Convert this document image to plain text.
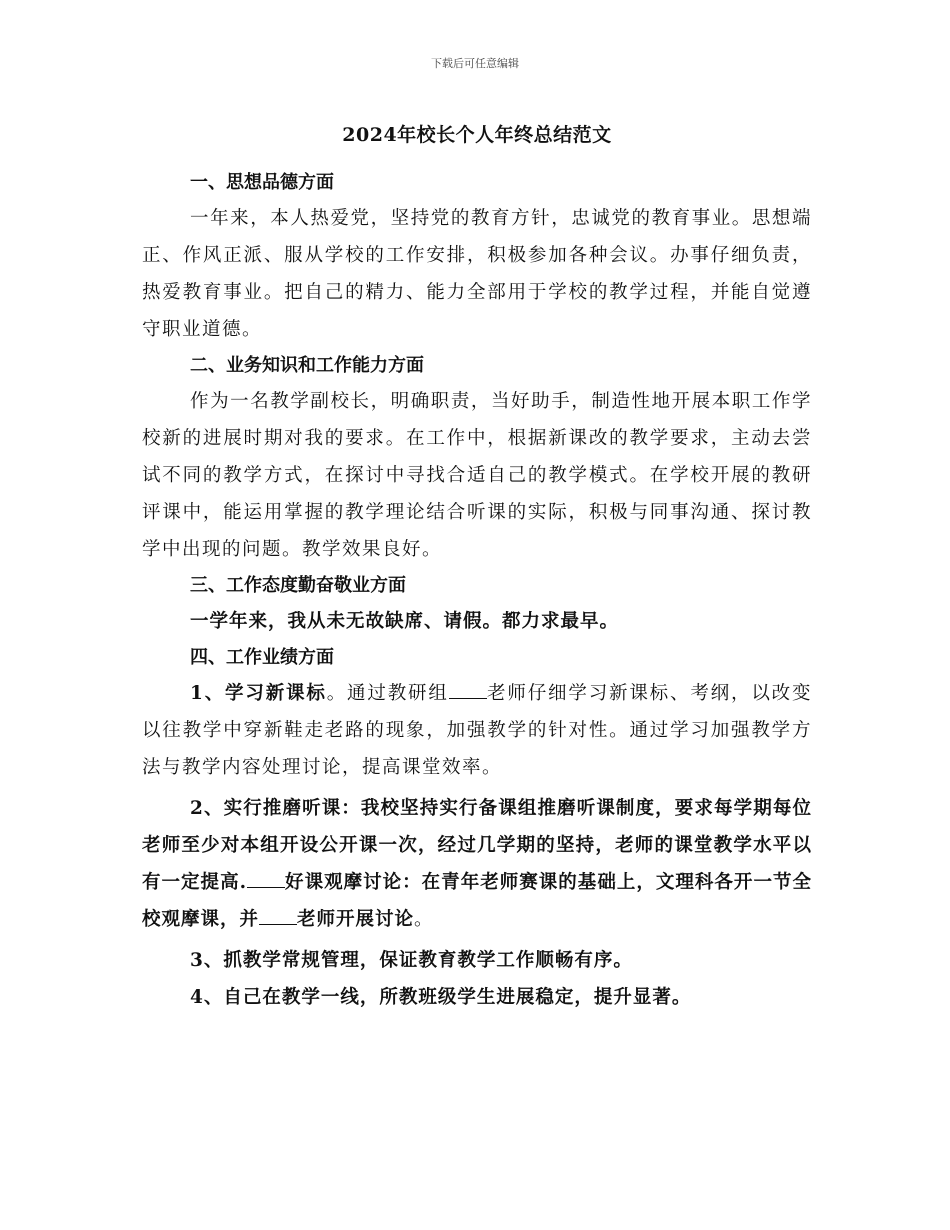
下载后可任意编辑
2024年校长个人年终总结范文

一、思想品德方面

一年来，本人热爱党，坚持党的教育方针，忠诚党的教育事业。思想端正、作风正派、服从学校的工作安排，积极参加各种会议。办事仔细负责，热爱教育事业。把自己的精力、能力全部用于学校的教学过程，并能自觉遵守职业道德。

二、业务知识和工作能力方面

作为一名教学副校长，明确职责，当好助手，制造性地开展本职工作学校新的进展时期对我的要求。在工作中，根据新课改的教学要求，主动去尝试不同的教学方式，在探讨中寻找合适自己的教学模式。在学校开展的教研评课中，能运用掌握的教学理论结合听课的实际，积极与同事沟通、探讨教学中出现的问题。教学效果良好。

三、工作态度勤奋敬业方面

一学年来，我从未无故缺席、请假。都力求最早。

四、工作业绩方面

1、学习新课标。通过教研组 老师仔细学习新课标、考纲，以改变以往教学中穿新鞋走老路的现象，加强教学的针对性。通过学习加强教学方法与教学内容处理讨论，提高课堂效率。

2、实行推磨听课：我校坚持实行备课组推磨听课制度，要求每学期每位老师至少对本组开设公开课一次，经过几学期的坚持，老师的课堂教学水平以有一定提高. 好课观摩讨论：在青年老师赛课的基础上，文理科各开一节全校观摩课，并 老师开展讨论。

3、抓教学常规管理，保证教育教学工作顺畅有序。

4、自己在教学一线，所教班级学生进展稳定，提升显著。
